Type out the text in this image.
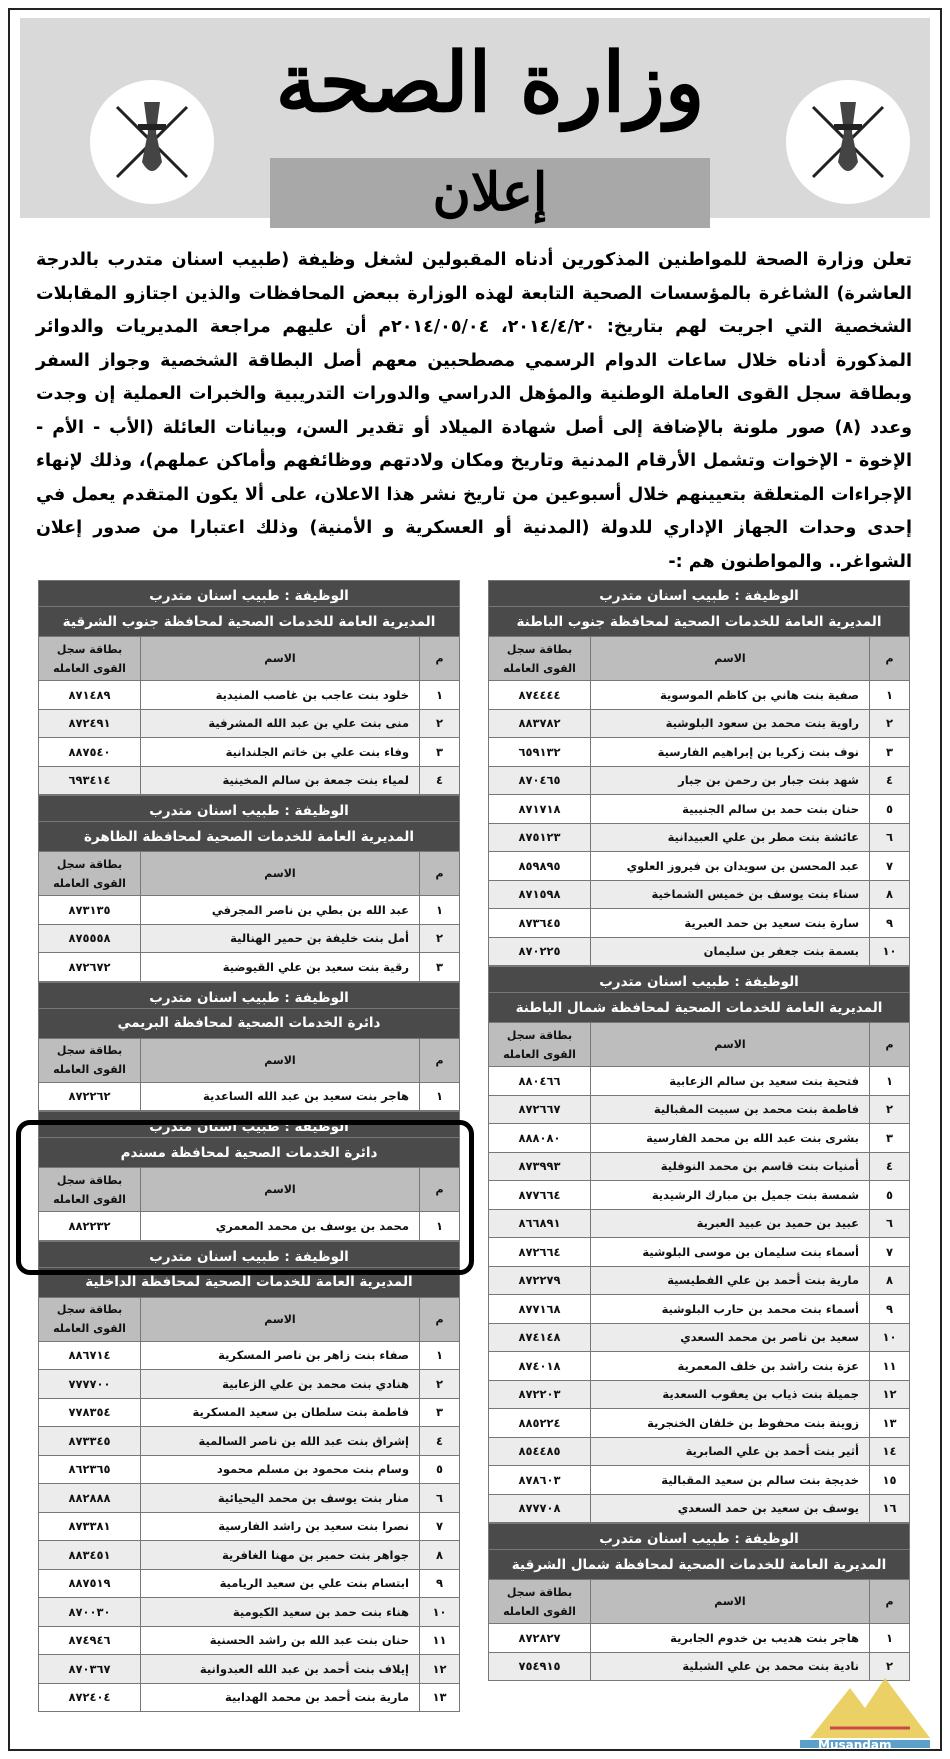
وزارة الصحة
إعلان
تعلن وزارة الصحة للمواطنين المذكورين أدناه المقبولين لشغل وظيفة (طبيب اسنان متدرب بالدرجة العاشرة) الشاغرة بالمؤسسات الصحية التابعة لهذه الوزارة ببعض المحافظات والذين اجتازو المقابلات الشخصية التي اجريت لهم بتاريخ: ٢٠١٤/٤/٢٠، ٢٠١٤/٠٥/٠٤م أن عليهم مراجعة المديريات والدوائر المذكورة أدناه خلال ساعات الدوام الرسمي مصطحبين معهم أصل البطاقة الشخصية وجواز السفر وبطاقة سجل القوى العاملة الوطنية والمؤهل الدراسي والدورات التدريبية والخبرات العملية إن وجدت وعدد (٨) صور ملونة بالإضافة إلى أصل شهادة الميلاد أو تقدير السن، وبيانات العائلة (الأب - الأم - الإخوة - الإخوات وتشمل الأرقام المدنية وتاريخ ومكان ولادتهم ووظائفهم وأماكن عملهم)، وذلك لإنهاء الإجراءات المتعلقة بتعيينهم خلال أسبوعين من تاريخ نشر هذا الاعلان، على ألا يكون المتقدم يعمل في إحدى وحدات الجهاز الإداري للدولة (المدنية أو العسكرية و الأمنية) وذلك اعتبارا من صدور إعلان الشواغر.. والمواطنون هم :-
الوظيفة : طبيب اسنان متدرب		
المديرية العامة للخدمات الصحية لمحافظة جنوب الباطنة		
م	الاسم	بطاقة سجل القوى العامله
١	صفية بنت هاني بن كاظم الموسوية	٨٧٤٤٤٤
٢	راوية بنت محمد بن سعود البلوشية	٨٨٣٧٨٢
٣	نوف بنت زكريا بن إبراهيم الفارسية	٦٥٩١٣٢
٤	شهد بنت جبار بن رحمن بن جبار	٨٧٠٤٦٥
٥	حنان بنت حمد بن سالم الجنيبية	٨٧١٧١٨
٦	عائشة بنت مطر بن علي العبيدانية	٨٧٥١٢٣
٧	عبد المحسن بن سويدان بن فيروز العلوي	٨٥٩٨٩٥
٨	سناء بنت يوسف بن خميس الشماخية	٨٧١٥٩٨
٩	سارة بنت سعيد بن حمد العبرية	٨٧٣٦٤٥
١٠	بسمة بنت جعفر بن سليمان	٨٧٠٢٢٥
الوظيفة : طبيب اسنان متدرب		
المديرية العامة للخدمات الصحية لمحافظة شمال الباطنة		
م	الاسم	بطاقة سجل القوى العامله
١	فتحية بنت سعيد بن سالم الزعابية	٨٨٠٤٦٦
٢	فاطمة بنت محمد بن سبيت المقبالية	٨٧٢٦٦٧
٣	بشرى بنت عبد الله بن محمد الفارسية	٨٨٨٠٨٠
٤	أمنيات بنت قاسم بن محمد النوفلية	٨٧٣٩٩٣
٥	شمسة بنت جميل بن مبارك الرشيدية	٨٧٧٦٦٤
٦	عبيد بن حميد بن عبيد العبرية	٨٦٦٨٩١
٧	أسماء بنت سليمان بن موسى البلوشية	٨٧٢٦٦٤
٨	مارية بنت أحمد بن علي الفطيسية	٨٧٢٢٧٩
٩	أسماء بنت محمد بن حارب البلوشية	٨٧٧١٦٨
١٠	سعيد بن ناصر بن محمد السعدي	٨٧٤١٤٨
١١	عزة بنت راشد بن خلف المعمرية	٨٧٤٠١٨
١٢	جميلة بنت ذياب بن يعقوب السعدية	٨٧٢٢٠٣
١٣	زوينة بنت محفوظ بن خلفان الخنجرية	٨٨٥٢٢٤
١٤	أثير بنت أحمد بن علي الصابرية	٨٥٤٤٨٥
١٥	خديجة بنت سالم بن سعيد المقبالية	٨٧٨٦٠٣
١٦	يوسف بن سعيد بن حمد السعدي	٨٧٧٧٠٨
الوظيفة : طبيب اسنان متدرب		
المديرية العامة للخدمات الصحية لمحافظة شمال الشرقية		
م	الاسم	بطاقة سجل القوى العامله
١	هاجر بنت هديب بن خدوم الجابرية	٨٧٢٨٢٧
٢	نادية بنت محمد بن علي الشبلية	٧٥٤٩١٥
الوظيفة : طبيب اسنان متدرب		
المديرية العامة للخدمات الصحية لمحافظة جنوب الشرقية		
م	الاسم	بطاقة سجل القوى العامله
١	خلود بنت عاجب بن غاصب المنيدية	٨٧١٤٨٩
٢	منى بنت علي بن عبد الله المشرفية	٨٧٢٤٩١
٣	وفاء بنت علي بن خاتم الجلندانية	٨٨٧٥٤٠
٤	لمياء بنت جمعة بن سالم المخينية	٦٩٣٤١٤
الوظيفة : طبيب اسنان متدرب		
المديرية العامة للخدمات الصحية لمحافظة الظاهرة		
م	الاسم	بطاقة سجل القوى العامله
١	عبد الله بن بطي بن ناصر المجرفي	٨٧٣١٣٥
٢	أمل بنت خليفة بن حمير الهنالية	٨٧٥٥٥٨
٣	رقية بنت سعيد بن علي القيوضية	٨٧٢٦٧٢
الوظيفة : طبيب اسنان متدرب		
دائرة الخدمات الصحية لمحافظة البريمي		
م	الاسم	بطاقة سجل القوى العامله
١	هاجر بنت سعيد بن عبد الله الساعدية	٨٧٢٢٦٢
الوظيفة : طبيب اسنان متدرب		
دائرة الخدمات الصحية لمحافظة مسندم		
م	الاسم	بطاقة سجل القوى العامله
١	محمد بن يوسف بن محمد المعمري	٨٨٢٢٣٢
الوظيفة : طبيب اسنان متدرب		
المديرية العامة للخدمات الصحية لمحافظة الداخلية		
م	الاسم	بطاقة سجل القوى العامله
١	صفاء بنت زاهر بن ناصر المسكرية	٨٨٦٧١٤
٢	هنادي بنت محمد بن علي الزعابية	٧٧٧٧٠٠
٣	فاطمة بنت سلطان بن سعيد المسكرية	٧٧٨٣٥٤
٤	إشراق بنت عبد الله بن ناصر السالمية	٨٧٣٣٤٥
٥	وسام بنت محمود بن مسلم محمود	٨٦٢٣٦٥
٦	منار بنت يوسف بن محمد اليحيائية	٨٨٢٨٨٨
٧	نصرا بنت سعيد بن راشد الفارسية	٨٧٣٣٨١
٨	جواهر بنت حمير بن مهنا الغافرية	٨٨٣٤٥١
٩	ابتسام بنت علي بن سعيد الريامية	٨٨٧٥١٩
١٠	هناء بنت حمد بن سعيد الكيومية	٨٧٠٠٣٠
١١	حنان بنت عبد الله بن راشد الحسنية	٨٧٤٩٤٦
١٢	إيلاف بنت أحمد بن عبد الله العبدوانية	٨٧٠٣٦٧
١٣	مارية بنت أحمد بن محمد الهدابية	٨٧٢٤٠٤
Musandam
